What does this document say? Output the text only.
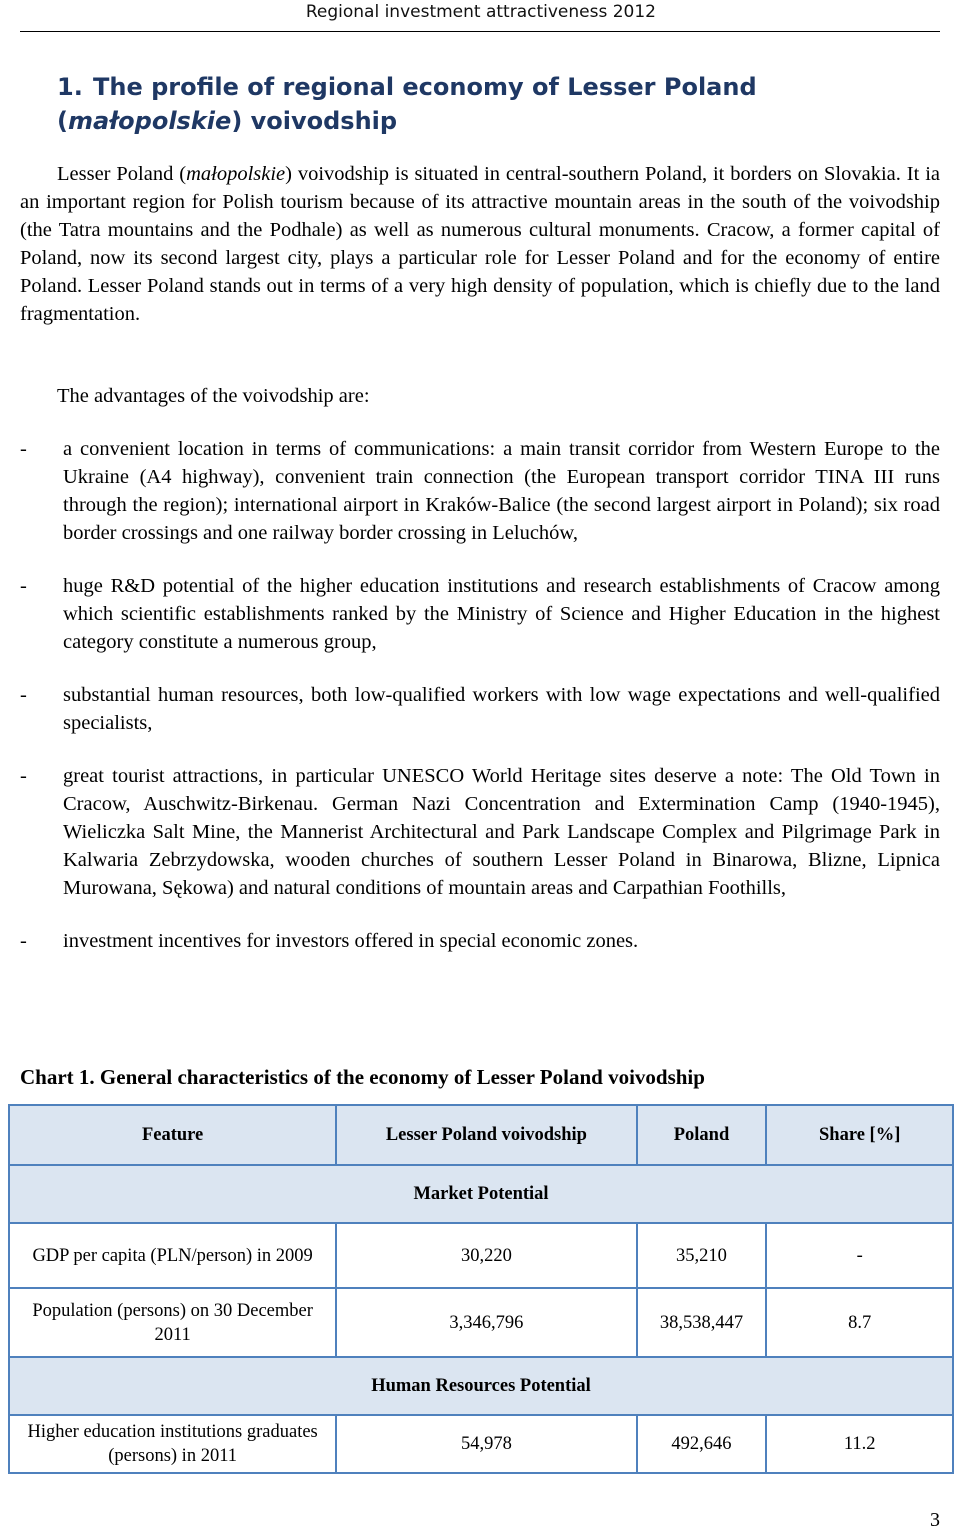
Regional investment attractiveness 2012
1. The profile of regional economy of Lesser Poland (małopolskie) voivodship

Lesser Poland (małopolskie) voivodship is situated in central-southern Poland, it borders on Slovakia. It ia an important region for Polish tourism because of its attractive mountain areas in the south of the voivodship (the Tatra mountains and the Podhale) as well as numerous cultural monuments. Cracow, a former capital of Poland, now its second largest city, plays a particular role for Lesser Poland and for the economy of entire Poland. Lesser Poland stands out in terms of a very high density of population, which is chiefly due to the land fragmentation.

The advantages of the voivodship are:

-	a convenient location in terms of communications: a main transit corridor from Western Europe to the Ukraine (A4 highway), convenient train connection (the European transport corridor TINA III runs through the region); international airport in Kraków-Balice (the second largest airport in Poland); six road border crossings and one railway border crossing in Leluchów,
-	huge R&D potential of the higher education institutions and research establishments of Cracow among which scientific establishments ranked by the Ministry of Science and Higher Education in the highest category constitute a numerous group,
-	substantial human resources, both low-qualified workers with low wage expectations and well-qualified specialists,
-	great tourist attractions, in particular UNESCO World Heritage sites deserve a note: The Old Town in Cracow, Auschwitz-Birkenau. German Nazi Concentration and Extermination Camp (1940-1945), Wieliczka Salt Mine, the Mannerist Architectural and Park Landscape Complex and Pilgrimage Park in Kalwaria Zebrzydowska, wooden churches of southern Lesser Poland in Binarowa, Blizne, Lipnica Murowana, Sękowa) and natural conditions of mountain areas and Carpathian Foothills,
-	investment incentives for investors offered in special economic zones.

Chart 1. General characteristics of the economy of Lesser Poland voivodship

Feature	Lesser Poland voivodship	Poland	Share [%]
Market Potential			
GDP per capita (PLN/person) in 2009	30,220	35,210	-
Population (persons) on 30 December 2011	3,346,796	38,538,447	8.7
Human Resources Potential			
Higher education institutions graduates (persons) in 2011	54,978	492,646	11.2
3
